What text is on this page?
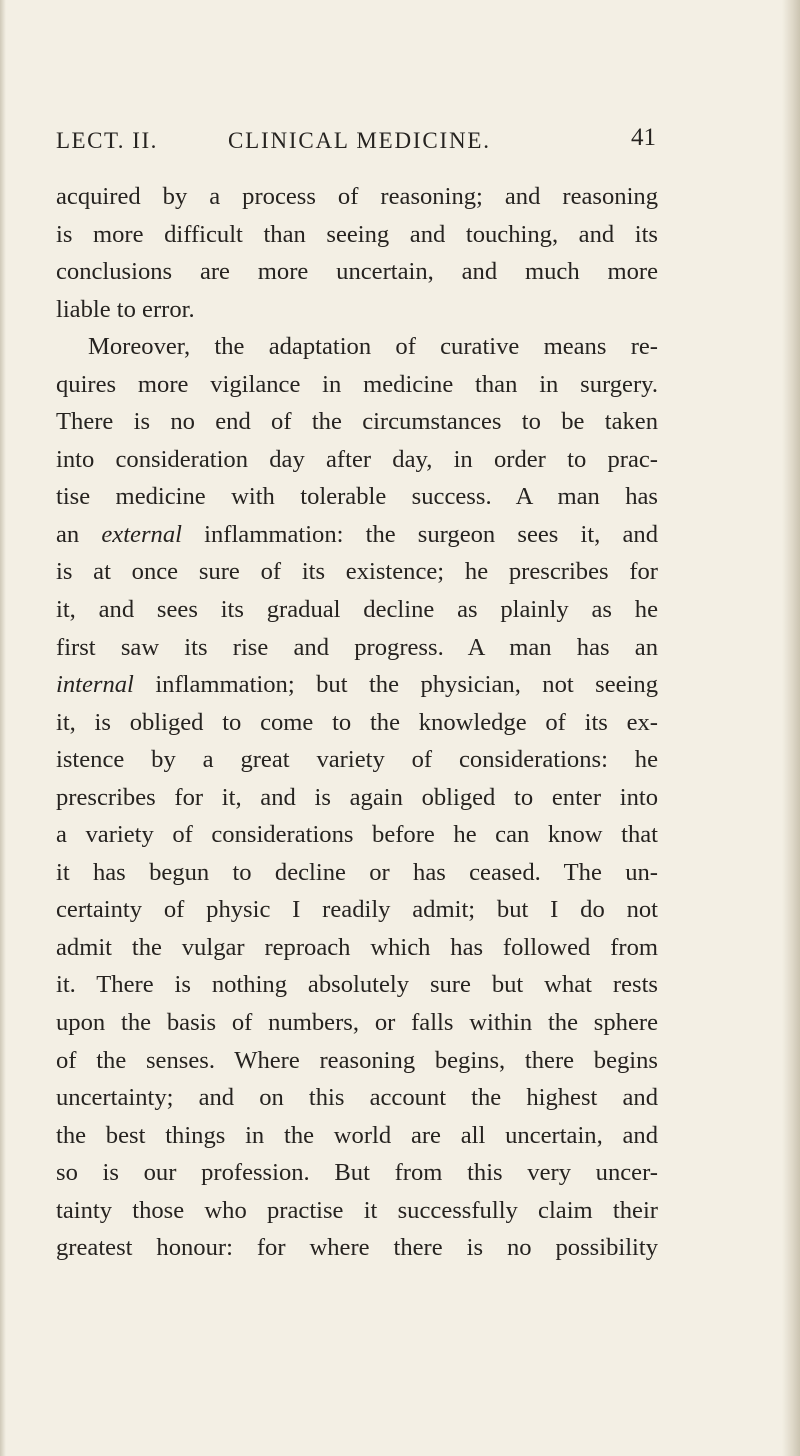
LECT. II.	CLINICAL MEDICINE.	41
acquired by a process of reasoning; and reasoning
is more difficult than seeing and touching, and its
conclusions are more uncertain, and much more
liable to error.
Moreover, the adaptation of curative means re-
quires more vigilance in medicine than in surgery.
There is no end of the circumstances to be taken
into consideration day after day, in order to prac-
tise medicine with tolerable success. A man has
an external inflammation: the surgeon sees it, and
is at once sure of its existence; he prescribes for
it, and sees its gradual decline as plainly as he
first saw its rise and progress. A man has an
internal inflammation; but the physician, not seeing
it, is obliged to come to the knowledge of its ex-
istence by a great variety of considerations: he
prescribes for it, and is again obliged to enter into
a variety of considerations before he can know that
it has begun to decline or has ceased. The un-
certainty of physic I readily admit; but I do not
admit the vulgar reproach which has followed from
it. There is nothing absolutely sure but what rests
upon the basis of numbers, or falls within the sphere
of the senses. Where reasoning begins, there begins
uncertainty; and on this account the highest and
the best things in the world are all uncertain, and
so is our profession. But from this very uncer-
tainty those who practise it successfully claim their
greatest honour: for where there is no possibility
